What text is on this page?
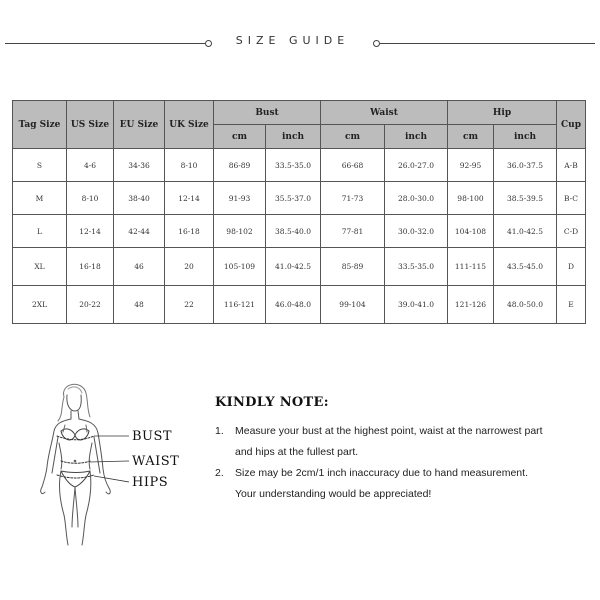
SIZE GUIDE
Tag Size	US Size	EU Size	UK Size	Bust		Waist		Hip		Cup
				cm	inch	cm	inch	cm	inch	
S	4-6	34-36	8-10	86-89	33.5-35.0	66-68	26.0-27.0	92-95	36.0-37.5	A-B
M	8-10	38-40	12-14	91-93	35.5-37.0	71-73	28.0-30.0	98-100	38.5-39.5	B-C
L	12-14	42-44	16-18	98-102	38.5-40.0	77-81	30.0-32.0	104-108	41.0-42.5	C-D
XL	16-18	46	20	105-109	41.0-42.5	85-89	33.5-35.0	111-115	43.5-45.0	D
2XL	20-22	48	22	116-121	46.0-48.0	99-104	39.0-41.0	121-126	48.0-50.0	E
BUST
WAIST
HIPS
KINDLY NOTE:
1. Measure your bust at the highest point, waist at the narrowest part
and hips at the fullest part.
2. Size may be 2cm/1 inch inaccuracy due to hand measurement.
Your understanding would be appreciated!
